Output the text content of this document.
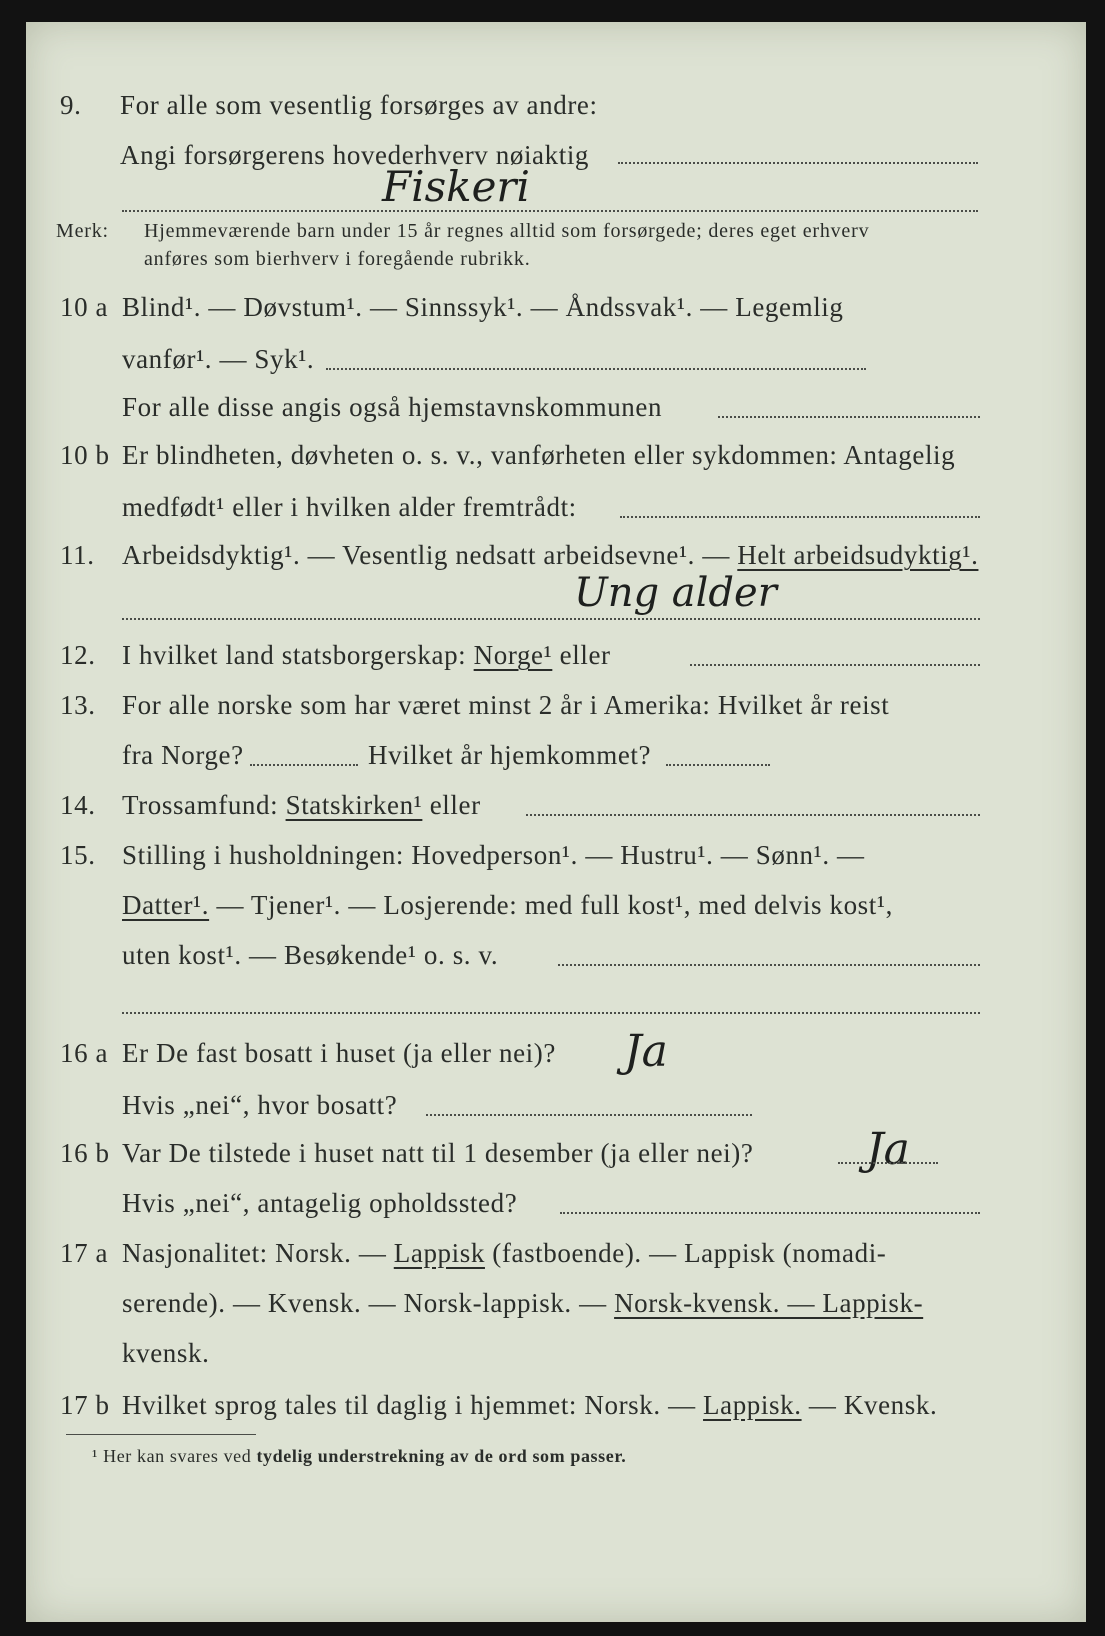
9. For alle som vesentlig forsørges av andre:
Angi forsørgerens hovederhverv nøiaktig
Fiskeri
Merk: Hjemmeværende barn under 15 år regnes alltid som forsørgede; deres eget erhverv
anføres som bierhverv i foregående rubrikk.
10 a Blind¹. — Døvstum¹. — Sinnssyk¹. — Åndssvak¹. — Legemlig
vanfør¹. — Syk¹.
For alle disse angis også hjemstavnskommunen
10 b Er blindheten, døvheten o. s. v., vanførheten eller sykdommen: Antagelig
medfødt¹ eller i hvilken alder fremtrådt:
11. Arbeidsdyktig¹. — Vesentlig nedsatt arbeidsevne¹. — Helt arbeidsudyktig¹.
Ung alder
12. I hvilket land statsborgerskap: Norge¹ eller
13. For alle norske som har været minst 2 år i Amerika: Hvilket år reist
fra Norge?	Hvilket år hjemkommet?
14. Trossamfund: Statskirken¹ eller
15. Stilling i husholdningen: Hovedperson¹. — Hustru¹. — Sønn¹. —
Datter¹. — Tjener¹. — Losjerende: med full kost¹, med delvis kost¹,
uten kost¹. — Besøkende¹ o. s. v.
16 a Er De fast bosatt i huset (ja eller nei)? Ja
Hvis „nei“, hvor bosatt?
16 b Var De tilstede i huset natt til 1 desember (ja eller nei)?	Ja
Hvis „nei“, antagelig opholdssted?
17 a Nasjonalitet: Norsk. — Lappisk (fastboende). — Lappisk (nomadi-
serende). — Kvensk. — Norsk-lappisk. — Norsk-kvensk. — Lappisk-
kvensk.
17 b Hvilket sprog tales til daglig i hjemmet: Norsk. — Lappisk. — Kvensk.
¹ Her kan svares ved tydelig understrekning av de ord som passer.
